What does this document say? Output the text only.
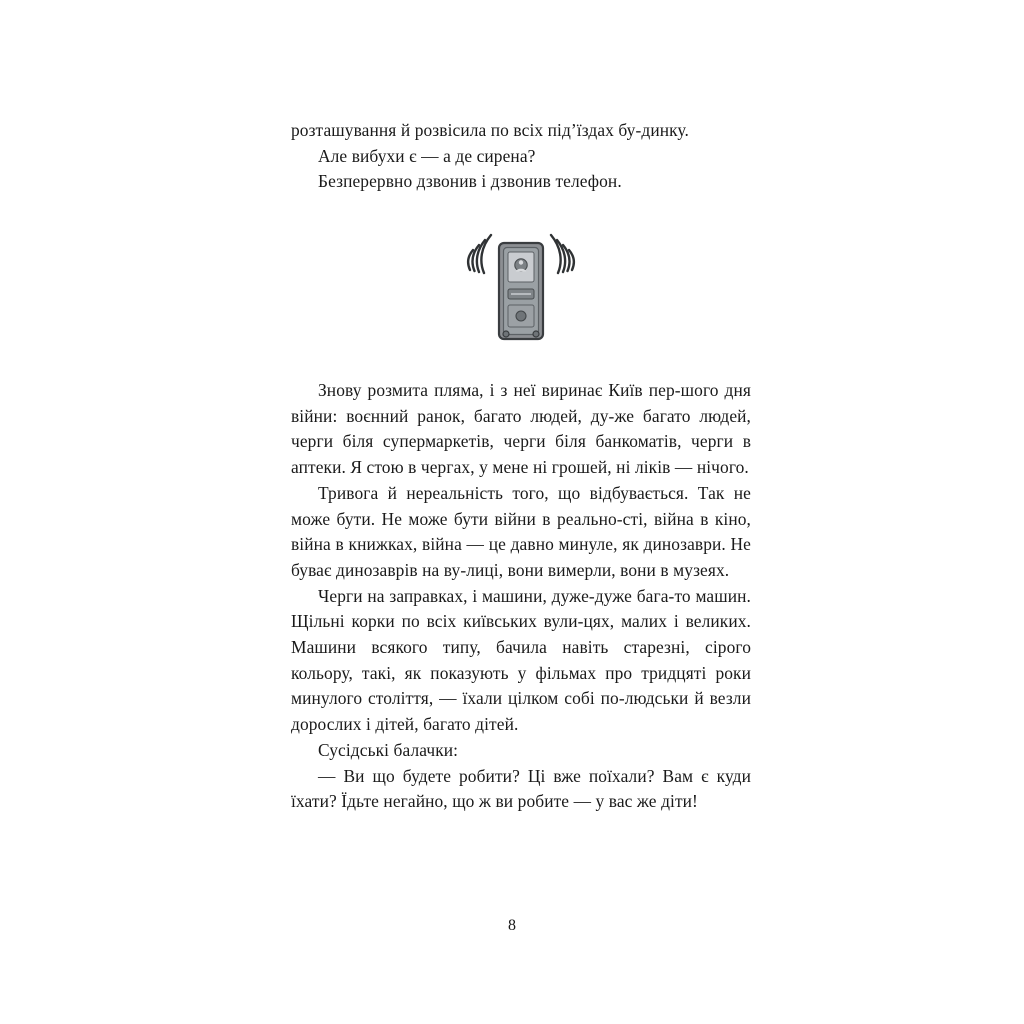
розташування й розвісила по всіх під’їздах бу-динку.

Але вибухи є — а де сирена?

Безперервно дзвонив і дзвонив телефон.

Знову розмита пляма, і з неї виринає Київ пер-шого дня війни: воєнний ранок, багато людей, ду-же багато людей, черги біля супермаркетів, черги біля банкоматів, черги в аптеки. Я стою в чергах, у мене ні грошей, ні ліків — нічого.

Тривога й нереальність того, що відбувається. Так не може бути. Не може бути війни в реально-сті, війна в кіно, війна в книжках, війна — це давно минуле, як динозаври. Не буває динозаврів на ву-лиці, вони вимерли, вони в музеях.

Черги на заправках, і машини, дуже-дуже бага-то машин. Щільні корки по всіх київських вули-цях, малих і великих. Машини всякого типу, бачила навіть старезні, сірого кольору, такі, як показують у фільмах про тридцяті роки минулого століття, — їхали цілком собі по-людськи й везли дорослих і дітей, багато дітей.

Сусідські балачки:

— Ви що будете робити? Ці вже поїхали? Вам є куди їхати? Їдьте негайно, що ж ви робите — у вас же діти!

8
